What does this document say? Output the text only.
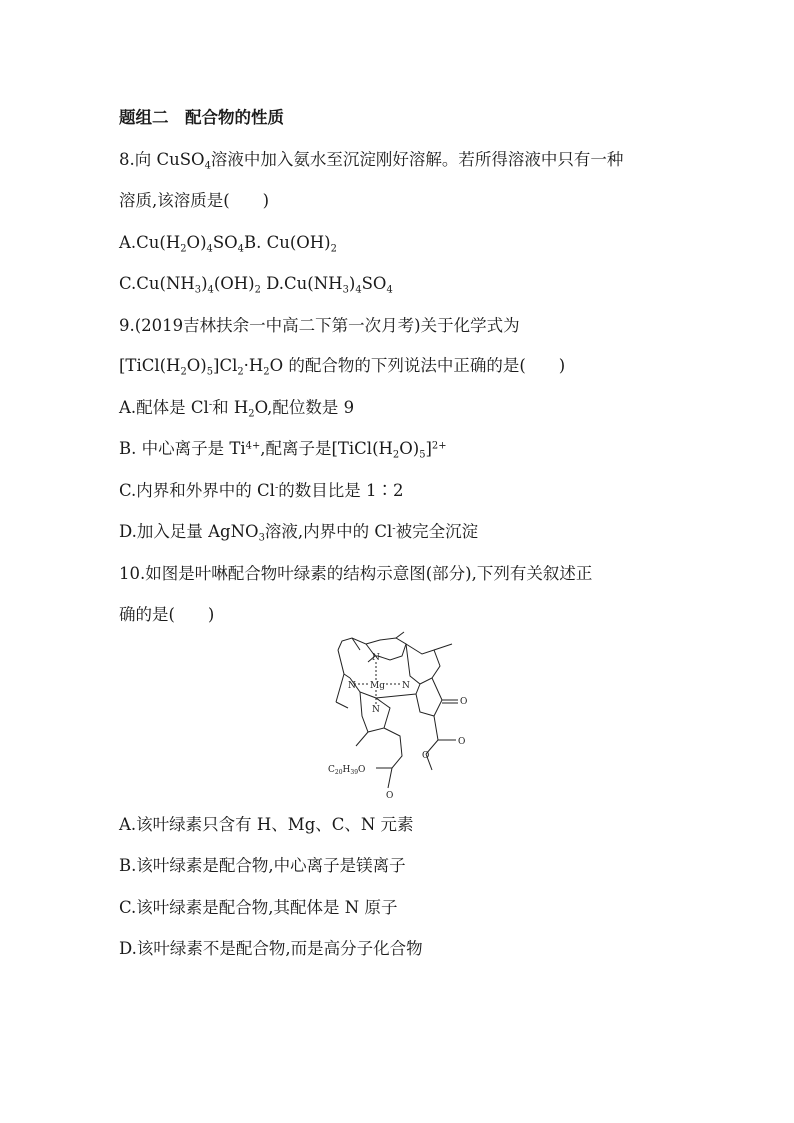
题组二　配合物的性质
8.向 CuSO$_4$溶液中加入氨水至沉淀刚好溶解。若所得溶液中只有一种
溶质,该溶质是(　　)
$A.Cu(H_2O)_4SO_4B$. $Cu(OH)_2$
$C.Cu(NH_3)_4(OH)_2$ $D.Cu(NH_3)_4SO_4$
9.(2019吉林扶余一中高二下第一次月考)关于化学式为
$[TiCl(H_2O)_5]Cl_2\cdot H_2O$ 的配合物的下列说法中正确的是(　　)
A.配体是 Cl-和 $H_2O$,配位数是 9
B. 中心离子是 $Ti^{4+}$,配离子是$[TiCl(H_2O)_5]^{2+}$
C.内界和外界中的 Cl-的数目比是 1∶2
D.加入足量 AgNO$_3$溶液,内界中的 Cl-被完全沉淀
10.如图是叶啉配合物叶绿素的结构示意图(部分),下列有关叙述正
确的是(　　)
N
N Mg N
N
O
O
O
O
$C_{20}H_{39}O$
A.该叶绿素只含有 H、Mg、C、N 元素
B.该叶绿素是配合物,中心离子是镁离子
C.该叶绿素是配合物,其配体是 N 原子
D.该叶绿素不是配合物,而是高分子化合物
